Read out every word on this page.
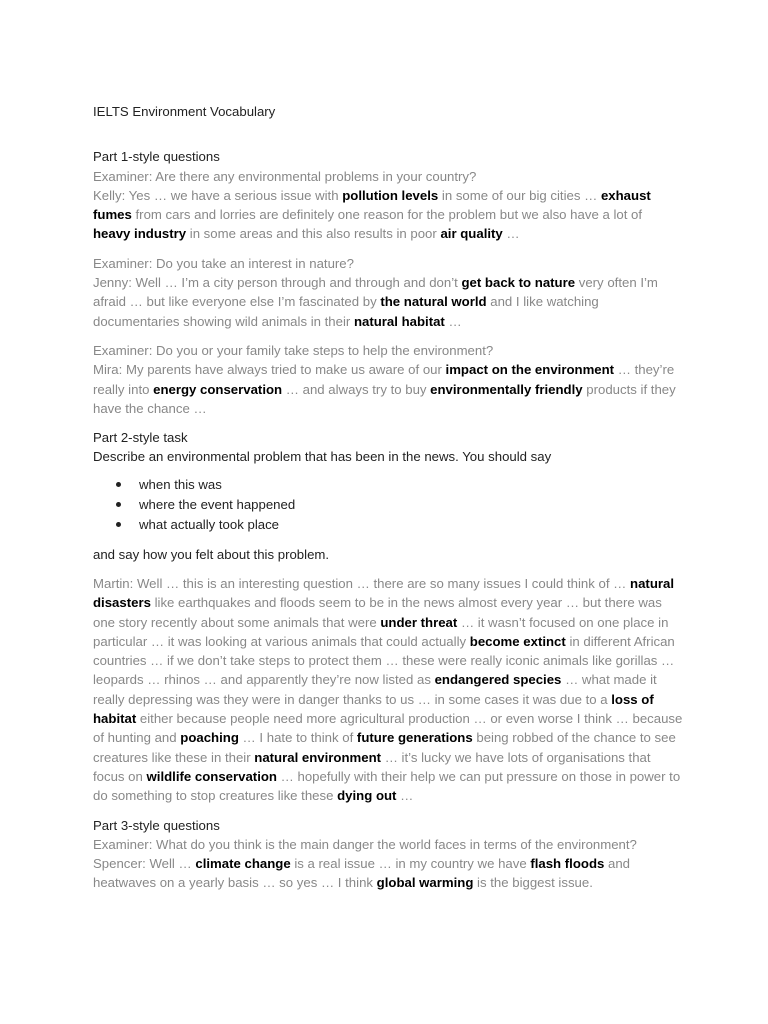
IELTS Environment Vocabulary

Part 1-style questions

Examiner: Are there any environmental problems in your country?

Kelly: Yes … we have a serious issue with pollution levels in some of our big cities … exhaust fumes from cars and lorries are definitely one reason for the problem but we also have a lot of heavy industry in some areas and this also results in poor air quality …

Examiner: Do you take an interest in nature?

Jenny: Well … I’m a city person through and through and don’t get back to nature very often I’m afraid … but like everyone else I’m fascinated by the natural world and I like watching documentaries showing wild animals in their natural habitat …

Examiner: Do you or your family take steps to help the environment?

Mira: My parents have always tried to make us aware of our impact on the environment … they’re really into energy conservation … and always try to buy environmentally friendly products if they have the chance …

Part 2-style task

Describe an environmental problem that has been in the news. You should say

when this was
where the event happened
what actually took place

and say how you felt about this problem.

Martin: Well … this is an interesting question … there are so many issues I could think of … natural disasters like earthquakes and floods seem to be in the news almost every year … but there was one story recently about some animals that were under threat … it wasn’t focused on one place in particular … it was looking at various animals that could actually become extinct in different African countries … if we don’t take steps to protect them … these were really iconic animals like gorillas … leopards … rhinos … and apparently they’re now listed as endangered species … what made it really depressing was they were in danger thanks to us … in some cases it was due to a loss of habitat either because people need more agricultural production … or even worse I think … because of hunting and poaching … I hate to think of future generations being robbed of the chance to see creatures like these in their natural environment … it’s lucky we have lots of organisations that focus on wildlife conservation … hopefully with their help we can put pressure on those in power to do something to stop creatures like these dying out …

Part 3-style questions

Examiner: What do you think is the main danger the world faces in terms of the environment?

Spencer: Well … climate change is a real issue … in my country we have flash floods and heatwaves on a yearly basis … so yes … I think global warming is the biggest issue.
